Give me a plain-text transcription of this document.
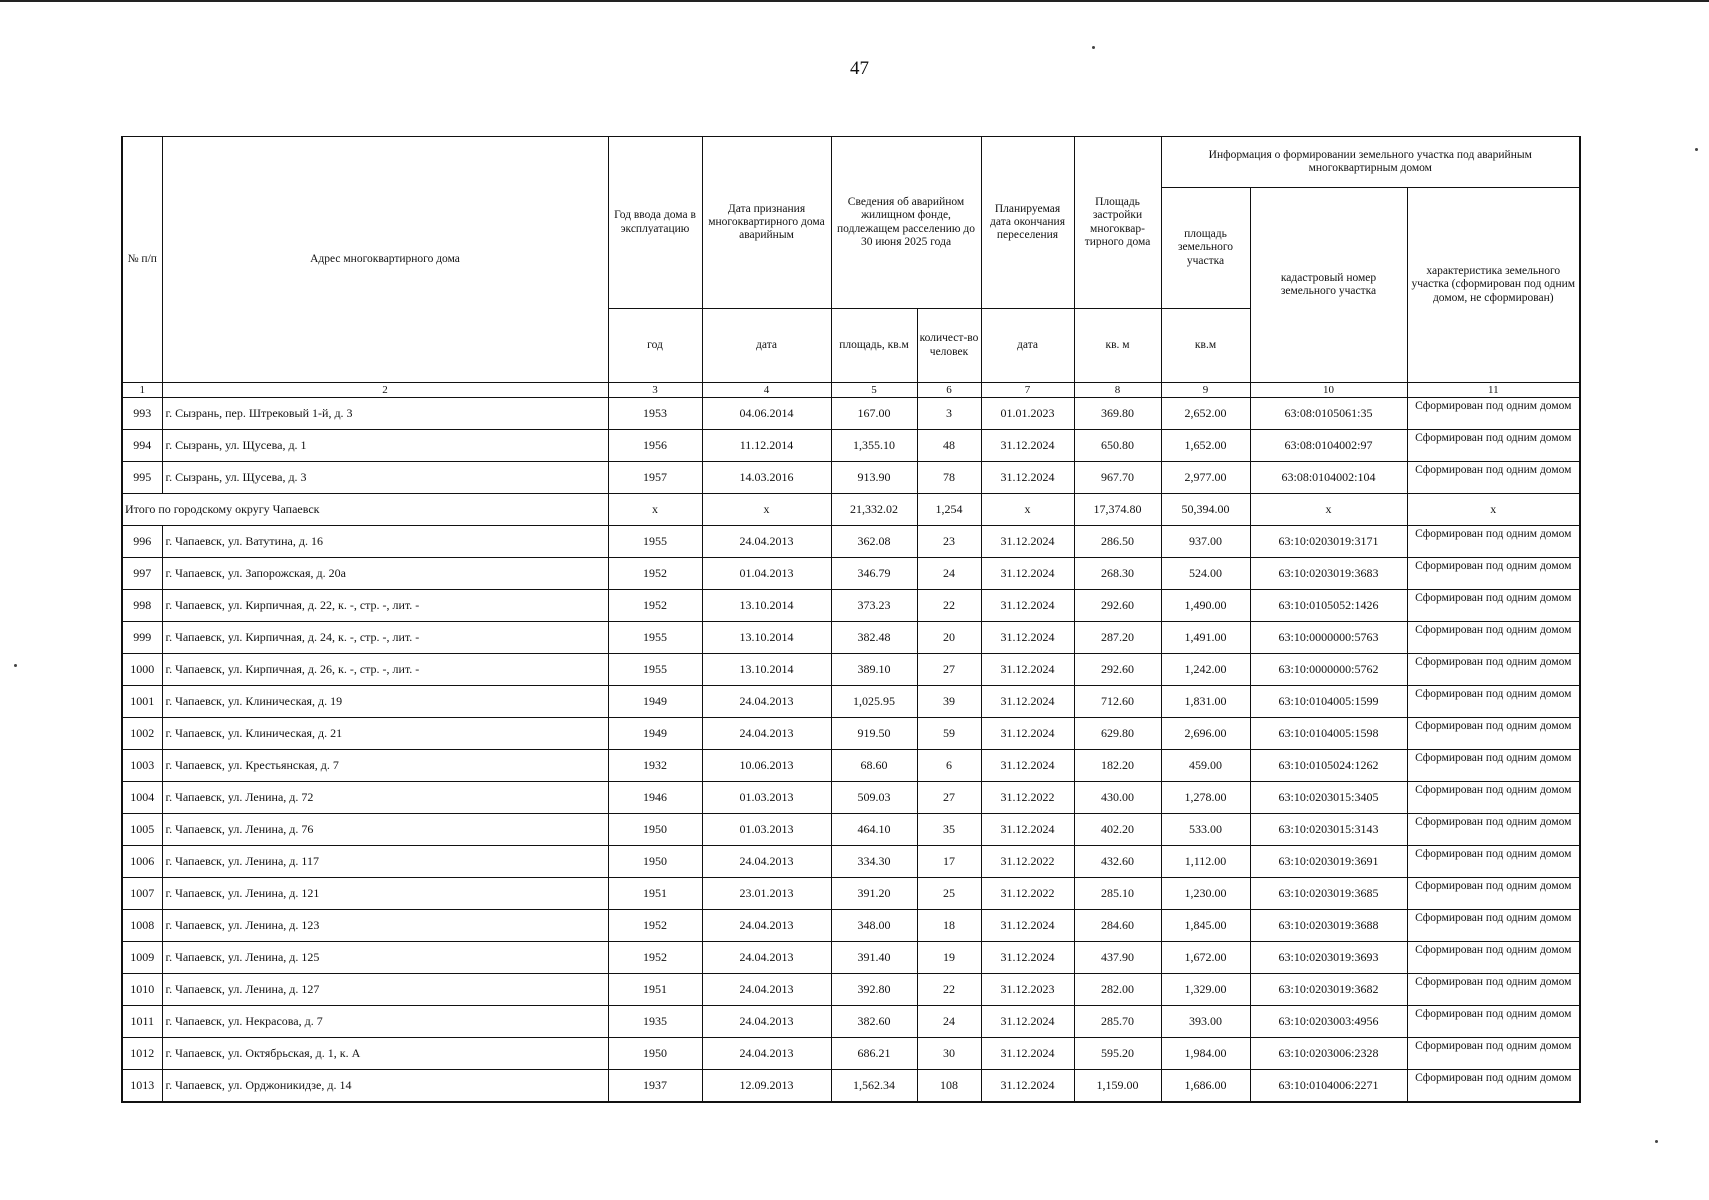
47
№ п/п	Адрес многоквартирного дома	Год ввода дома в эксплуатацию	Дата признания многоквартирного дома аварийным	Сведения об аварийном жилищном фонде, подлежащем расселению до 30 июня 2025 года		Планируемая дата окончания переселения	Площадь застройки многоквар-тирного дома	Информация о формировании земельного участка под аварийным многоквартирным домом		
								площадь земельного участка	кадастровый номер земельного участка	характеристика земельного участка (сформирован под одним домом, не сформирован)
		год	дата	площадь, кв.м	количест-во человек	дата	кв. м	кв.м		
1	2	3	4	5	6	7	8	9	10	11
993	г. Сызрань, пер. Штрековый 1-й, д. 3	1953	04.06.2014	167.00	3	01.01.2023	369.80	2,652.00	63:08:0105061:35	Сформирован под одним домом

994	г. Сызрань, ул. Щусева, д. 1	1956	11.12.2014	1,355.10	48	31.12.2024	650.80	1,652.00	63:08:0104002:97	Сформирован под одним домом

995	г. Сызрань, ул. Щусева, д. 3	1957	14.03.2016	913.90	78	31.12.2024	967.70	2,977.00	63:08:0104002:104	Сформирован под одним домом

Итого по городскому округу Чапаевск		x	x	21,332.02	1,254	x	17,374.80	50,394.00	x	x
996	г. Чапаевск, ул. Ватутина, д. 16	1955	24.04.2013	362.08	23	31.12.2024	286.50	937.00	63:10:0203019:3171	Сформирован под одним домом

997	г. Чапаевск, ул. Запорожская, д. 20а	1952	01.04.2013	346.79	24	31.12.2024	268.30	524.00	63:10:0203019:3683	Сформирован под одним домом

998	г. Чапаевск, ул. Кирпичная, д. 22, к. -, стр. -, лит. -	1952	13.10.2014	373.23	22	31.12.2024	292.60	1,490.00	63:10:0105052:1426	Сформирован под одним домом

999	г. Чапаевск, ул. Кирпичная, д. 24, к. -, стр. -, лит. -	1955	13.10.2014	382.48	20	31.12.2024	287.20	1,491.00	63:10:0000000:5763	Сформирован под одним домом

1000	г. Чапаевск, ул. Кирпичная, д. 26, к. -, стр. -, лит. -	1955	13.10.2014	389.10	27	31.12.2024	292.60	1,242.00	63:10:0000000:5762	Сформирован под одним домом

1001	г. Чапаевск, ул. Клиническая, д. 19	1949	24.04.2013	1,025.95	39	31.12.2024	712.60	1,831.00	63:10:0104005:1599	Сформирован под одним домом

1002	г. Чапаевск, ул. Клиническая, д. 21	1949	24.04.2013	919.50	59	31.12.2024	629.80	2,696.00	63:10:0104005:1598	Сформирован под одним домом

1003	г. Чапаевск, ул. Крестьянская, д. 7	1932	10.06.2013	68.60	6	31.12.2024	182.20	459.00	63:10:0105024:1262	Сформирован под одним домом

1004	г. Чапаевск, ул. Ленина, д. 72	1946	01.03.2013	509.03	27	31.12.2022	430.00	1,278.00	63:10:0203015:3405	Сформирован под одним домом

1005	г. Чапаевск, ул. Ленина, д. 76	1950	01.03.2013	464.10	35	31.12.2024	402.20	533.00	63:10:0203015:3143	Сформирован под одним домом

1006	г. Чапаевск, ул. Ленина, д. 117	1950	24.04.2013	334.30	17	31.12.2022	432.60	1,112.00	63:10:0203019:3691	Сформирован под одним домом

1007	г. Чапаевск, ул. Ленина, д. 121	1951	23.01.2013	391.20	25	31.12.2022	285.10	1,230.00	63:10:0203019:3685	Сформирован под одним домом

1008	г. Чапаевск, ул. Ленина, д. 123	1952	24.04.2013	348.00	18	31.12.2024	284.60	1,845.00	63:10:0203019:3688	Сформирован под одним домом

1009	г. Чапаевск, ул. Ленина, д. 125	1952	24.04.2013	391.40	19	31.12.2024	437.90	1,672.00	63:10:0203019:3693	Сформирован под одним домом

1010	г. Чапаевск, ул. Ленина, д. 127	1951	24.04.2013	392.80	22	31.12.2023	282.00	1,329.00	63:10:0203019:3682	Сформирован под одним домом

1011	г. Чапаевск, ул. Некрасова, д. 7	1935	24.04.2013	382.60	24	31.12.2024	285.70	393.00	63:10:0203003:4956	Сформирован под одним домом

1012	г. Чапаевск, ул. Октябрьская, д. 1, к. А	1950	24.04.2013	686.21	30	31.12.2024	595.20	1,984.00	63:10:0203006:2328	Сформирован под одним домом

1013	г. Чапаевск, ул. Орджоникидзе, д. 14	1937	12.09.2013	1,562.34	108	31.12.2024	1,159.00	1,686.00	63:10:0104006:2271	Сформирован под одним домом
